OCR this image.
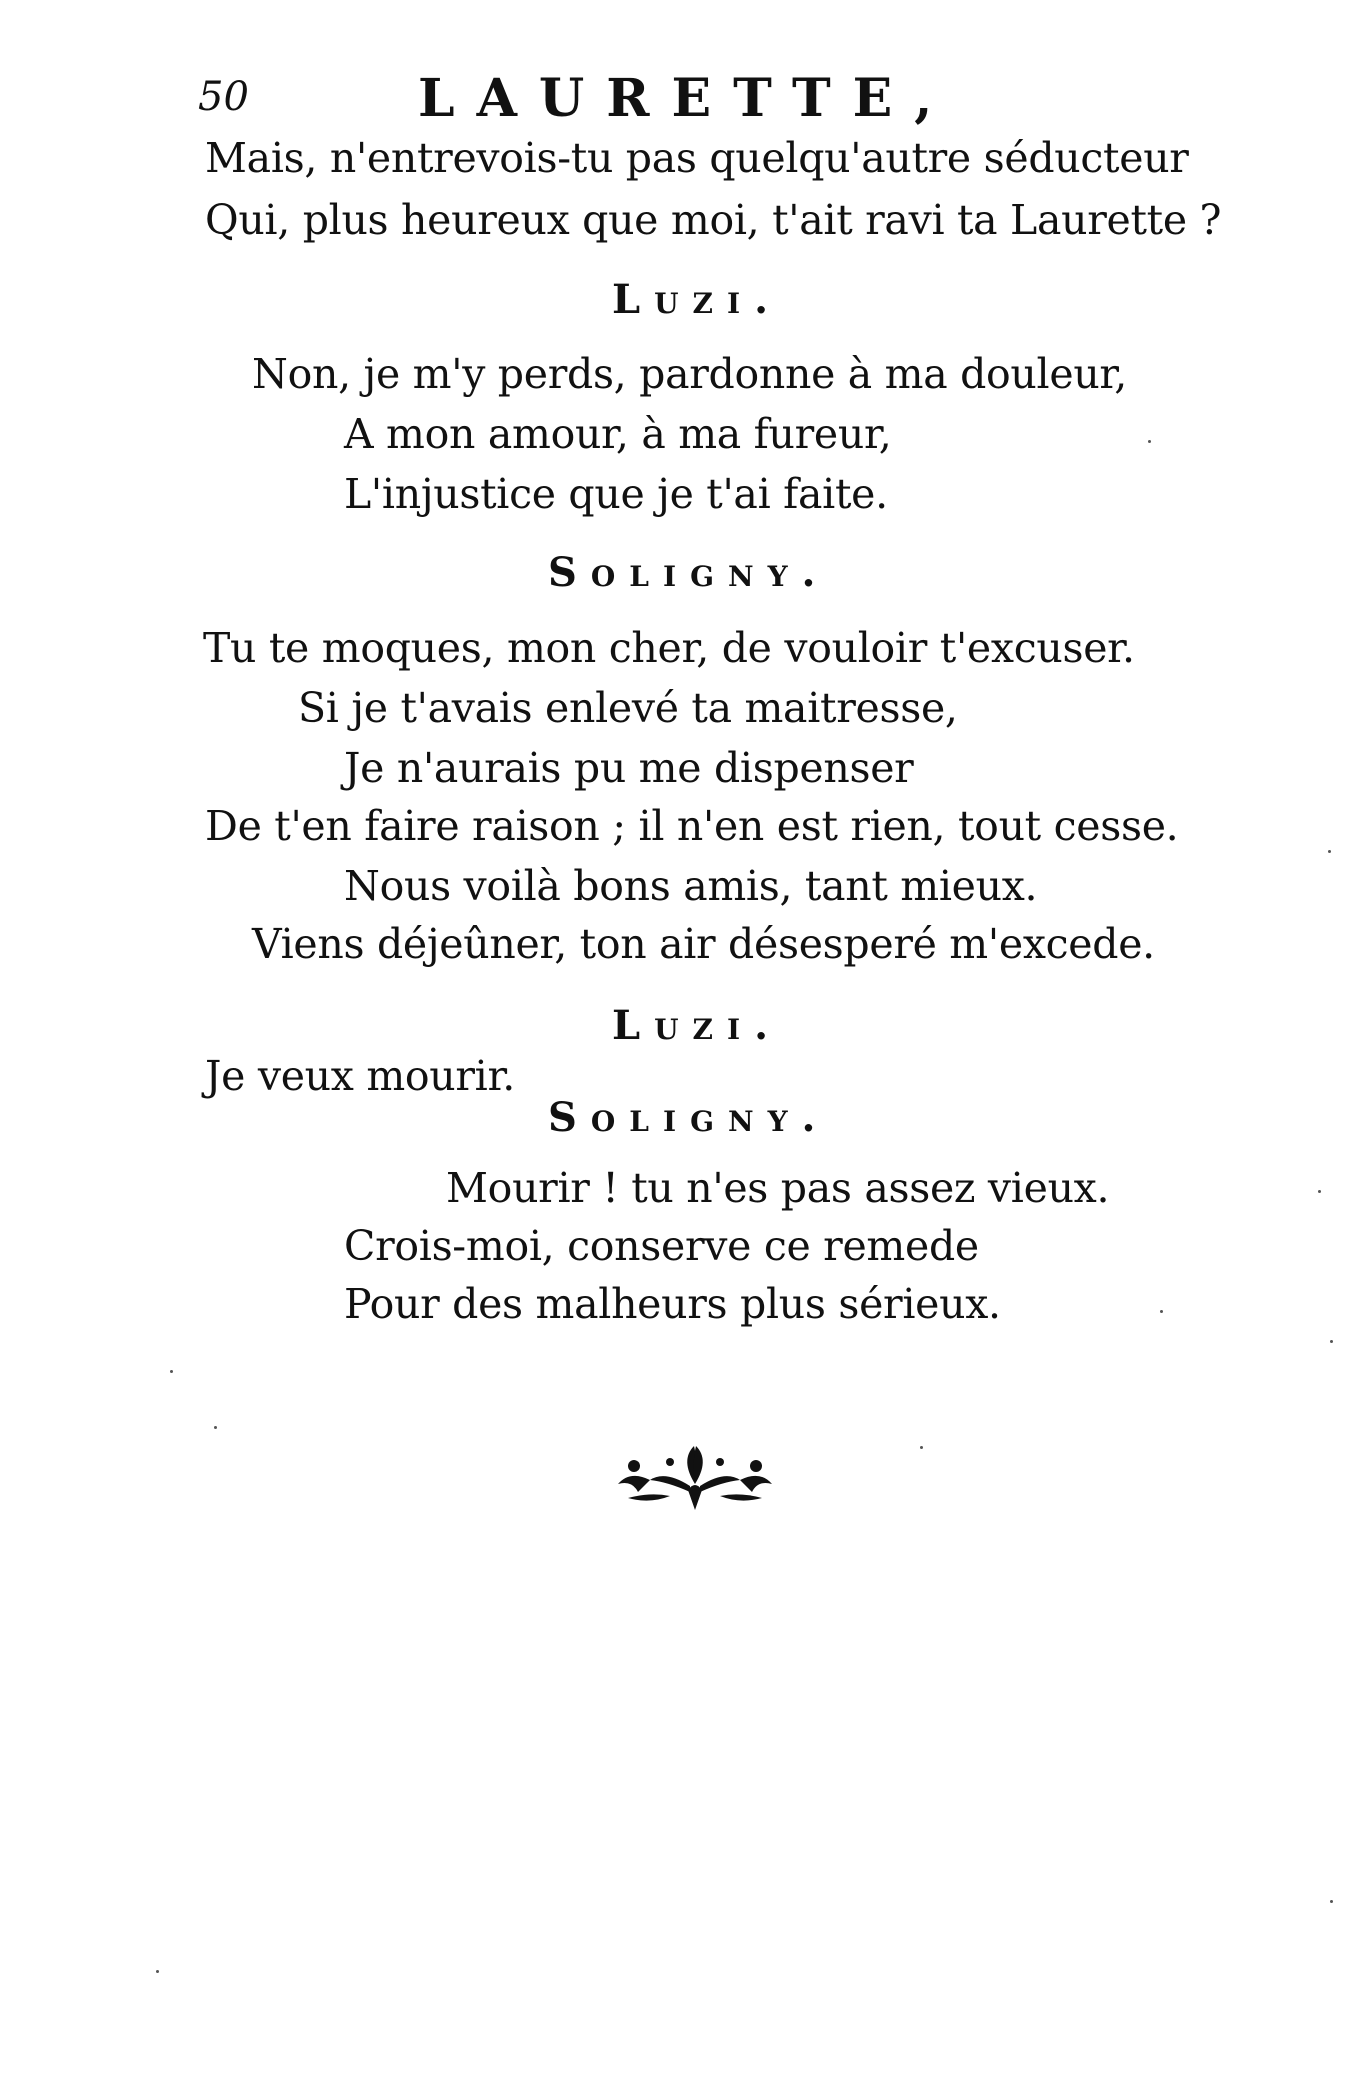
50	LAURETTE,
Mais, n'entrevois-tu pas quelqu'autre séducteur
Qui, plus heureux que moi, t'ait ravi ta Laurette ?
Luzi.
Non, je m'y perds, pardonne à ma douleur,
A mon amour, à ma fureur,
L'injustice que je t'ai faite.
Soligny.
Tu te moques, mon cher, de vouloir t'excuser.
Si je t'avais enlevé ta maitresse,
Je n'aurais pu me dispenser
De t'en faire raison ; il n'en est rien, tout cesse.
Nous voilà bons amis, tant mieux.
Viens déjeûner, ton air désesperé m'excede.
Luzi.
Je veux mourir.
Soligny.
Mourir ! tu n'es pas assez vieux.
Crois-moi, conserve ce remede
Pour des malheurs plus sérieux.
